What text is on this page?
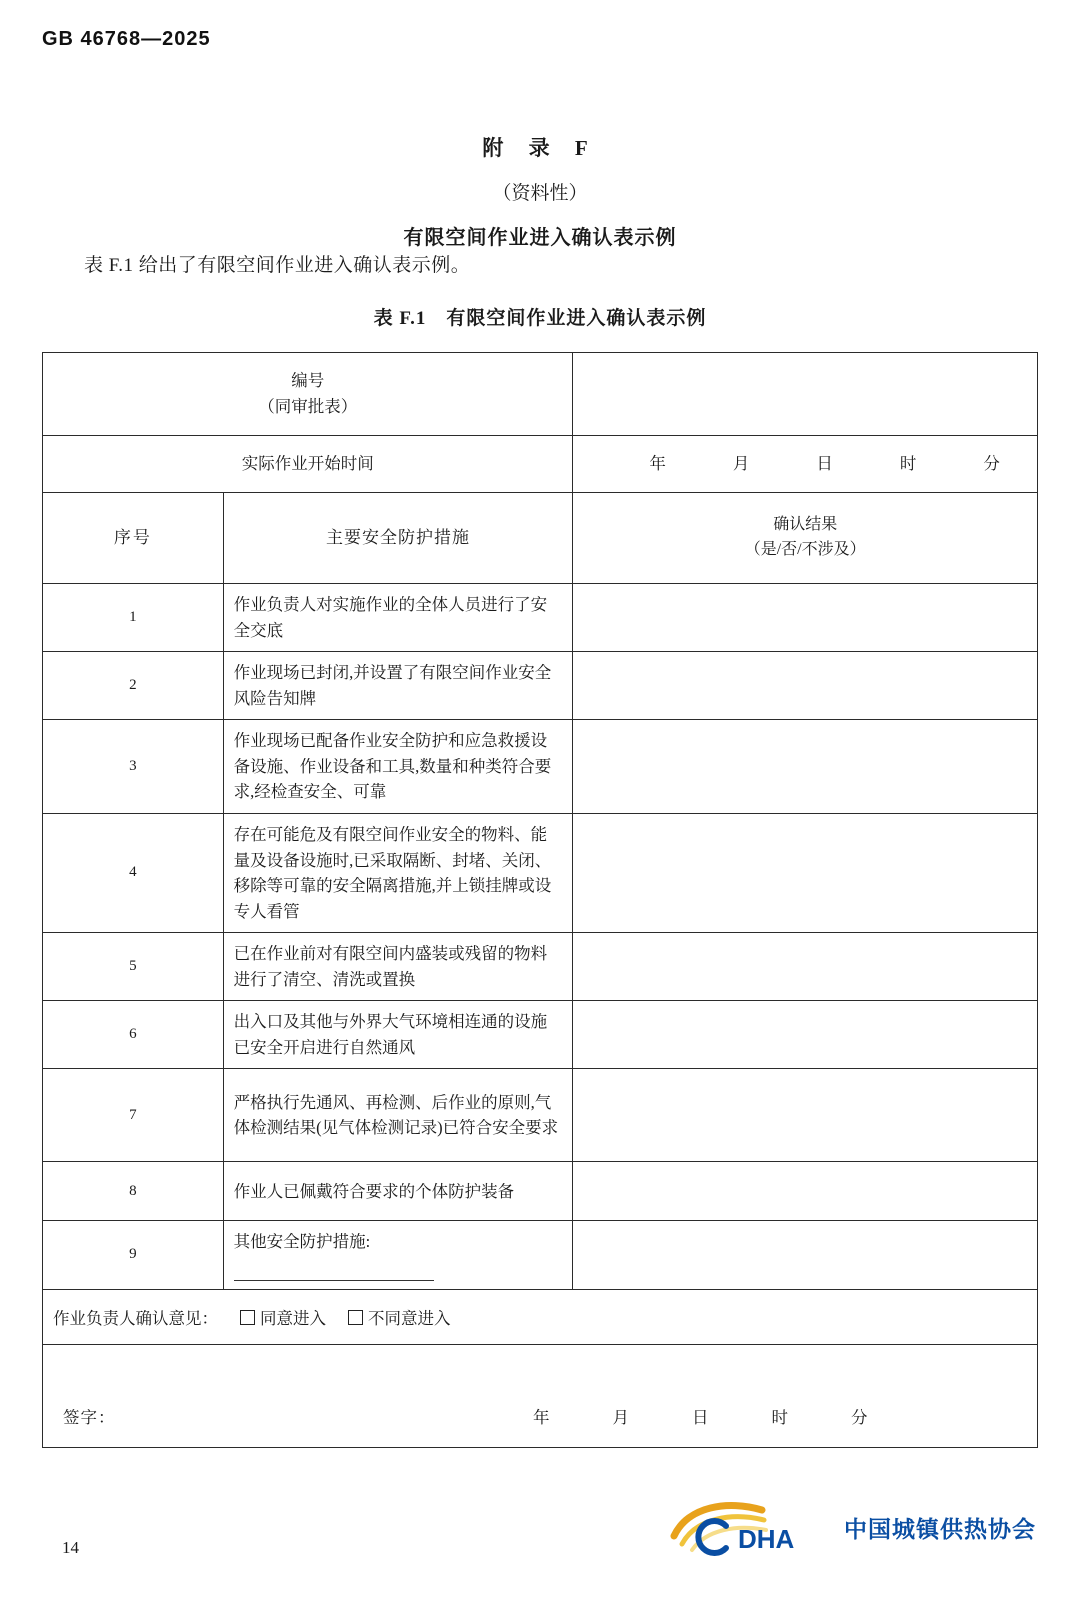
GB 46768—2025
附 录 F
（资料性）
有限空间作业进入确认表示例
表 F.1 给出了有限空间作业进入确认表示例。
表 F.1　有限空间作业进入确认表示例
编号
（同审批表）		

实际作业开始时间		年 月 日 时 分
序号	主要安全防护措施	确认结果
（是/否/不涉及）

1	作业负责人对实施作业的全体人员进行了安全交底	
2	作业现场已封闭,并设置了有限空间作业安全风险告知牌	
3	作业现场已配备作业安全防护和应急救援设备设施、作业设备和工具,数量和种类符合要求,经检查安全、可靠	
4	存在可能危及有限空间作业安全的物料、能量及设备设施时,已采取隔断、封堵、关闭、移除等可靠的安全隔离措施,并上锁挂牌或设专人看管	
5	已在作业前对有限空间内盛装或残留的物料进行了清空、清洗或置换	
6	出入口及其他与外界大气环境相连通的设施已安全开启进行自然通风	
7	严格执行先通风、再检测、后作业的原则,气体检测结果(见气体检测记录)已符合安全要求	
8	作业人已佩戴符合要求的个体防护装备	
9	其他安全防护措施:	
作业负责人确认意见： 同意进入 不同意进入		

签字： 年 月 日 时 分		
14	DHA 中国城镇供热协会
